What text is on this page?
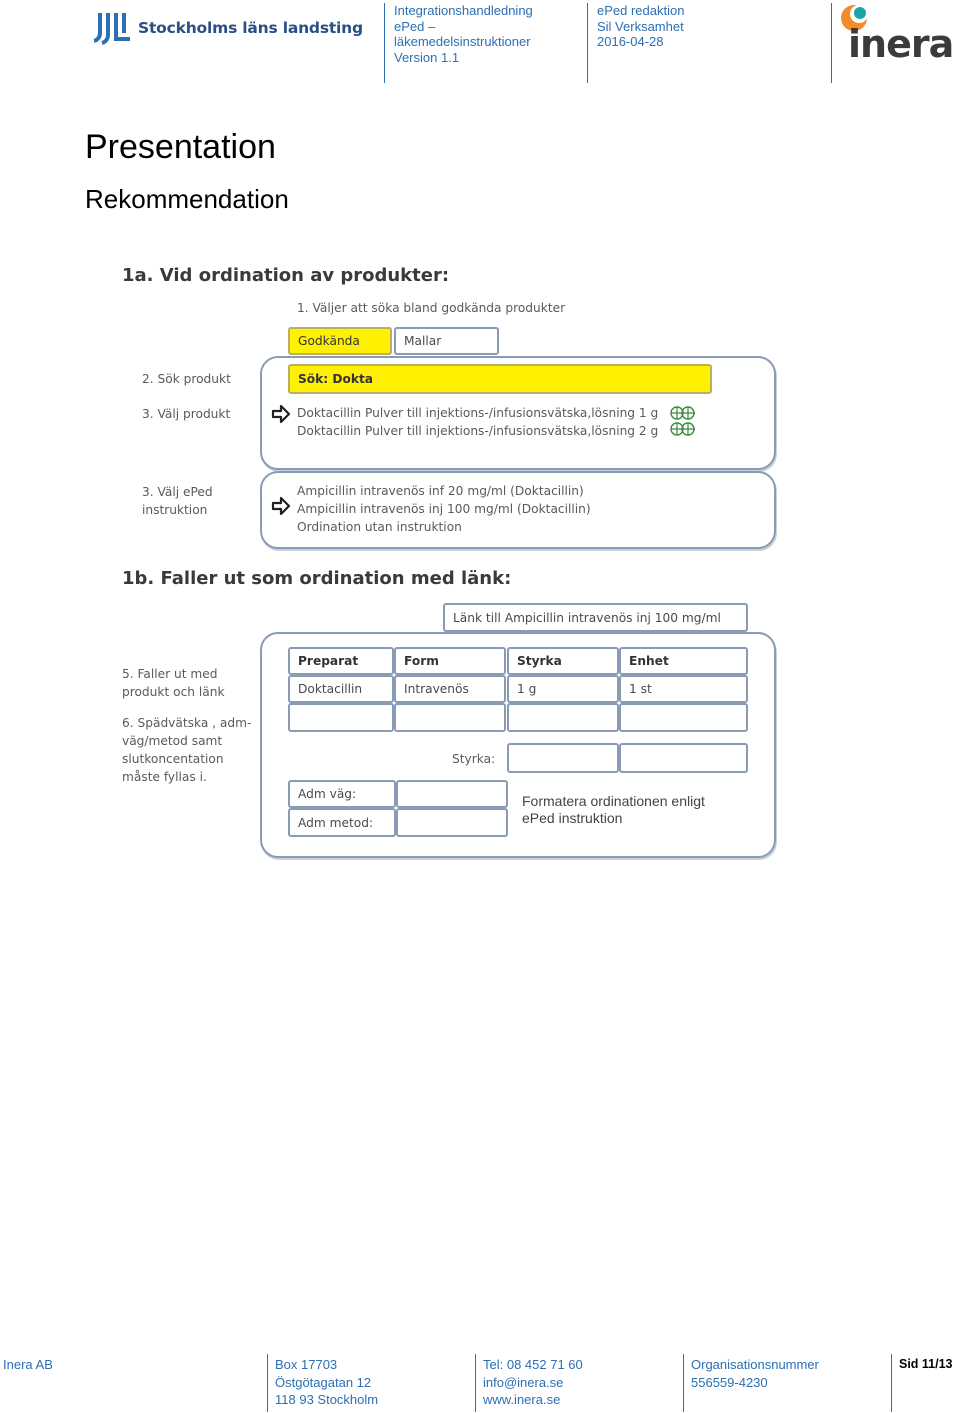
Stockholms läns landsting
Integrationshandledning
ePed –
läkemedelsinstruktioner
Version 1.1
ePed redaktion
Sil Verksamhet
2016-04-28	inera
Presentation
Rekommendation
1a. Vid ordination av produkter:
1. Väljer att söka bland godkända produkter
Godkända	Mallar
2. Sök produkt	Sök: Dokta
3. Välj produkt	Doktacillin Pulver till injektions-/infusionsvätska,lösning 1 g
Doktacillin Pulver till injektions-/infusionsvätska,lösning 2 g
3. Välj ePed
instruktion
Ampicillin intravenös inf 20 mg/ml (Doktacillin)
Ampicillin intravenös inj 100 mg/ml (Doktacillin)
Ordination utan instruktion
1b. Faller ut som ordination med länk:
Länk till Ampicillin intravenös inj 100 mg/ml
5. Faller ut med
produkt och länk
6. Spädvätska , adm-
väg/metod samt
slutkoncentation
måste fyllas i.
Preparat	Form	Styrka	Enhet
Doktacillin	Intravenös	1 g	1 st
Styrka:
Adm väg:
Adm metod:
Formatera ordinationen enligt
ePed instruktion
Inera AB	Box 17703
Östgötagatan 12
118 93 Stockholm
Tel: 08 452 71 60
info@inera.se
www.inera.se
Organisationsnummer
556559-4230
Sid 11/13
